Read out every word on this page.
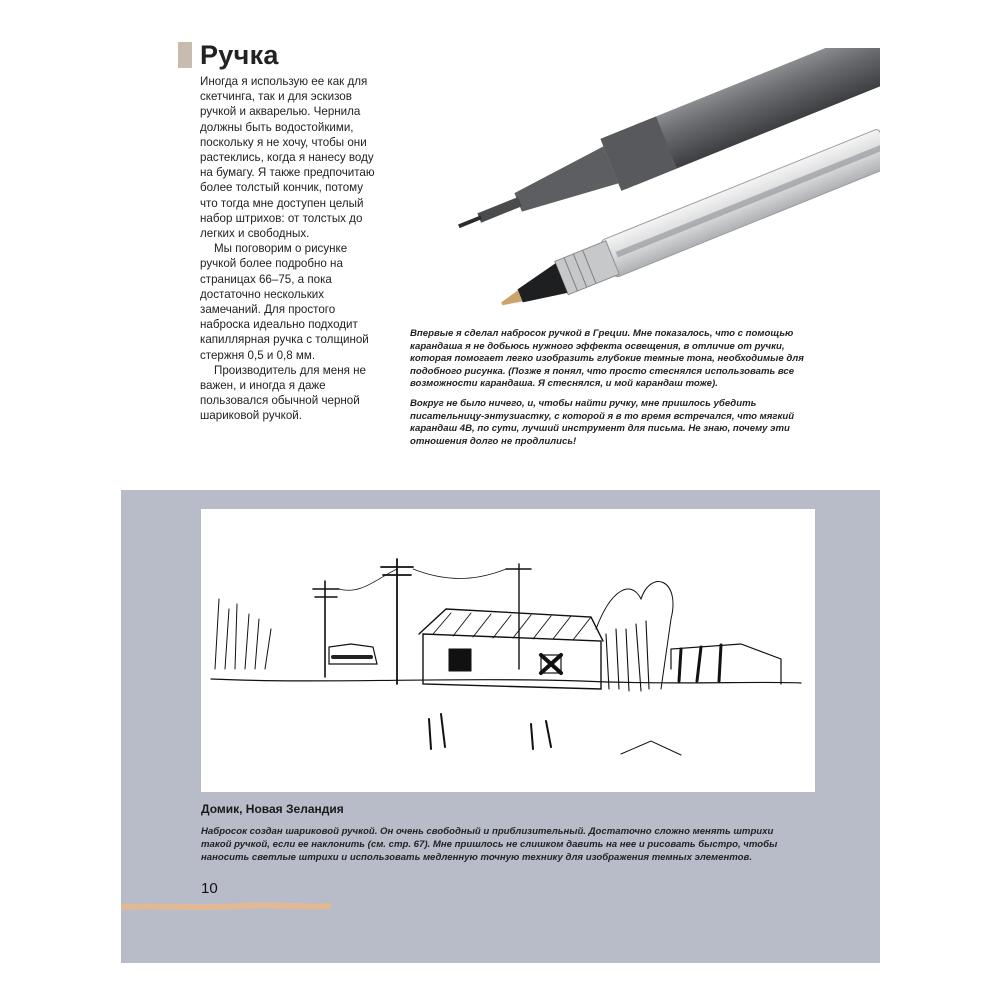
Ручка

Иногда я использую ее как для скетчинга, так и для эскизов ручкой и акварелью. Чернила должны быть водостойкими, поскольку я не хочу, чтобы они растеклись, когда я нанесу воду на бумагу. Я также предпочитаю более толстый кончик, потому что тогда мне доступен целый набор штрихов: от толстых до легких и свободных.

Мы поговорим о рисунке ручкой более подробно на страницах 66–75, а пока достаточно нескольких замечаний. Для простого наброска идеально подходит капиллярная ручка с толщиной стержня 0,5 и 0,8 мм.

Производитель для меня не важен, и иногда я даже пользовался обычной черной шариковой ручкой.

Впервые я сделал набросок ручкой в Греции. Мне показалось, что с помощью карандаша я не добьюсь нужного эффекта освещения, в отличие от ручки, которая помогает легко изобразить глубокие темные тона, необходимые для подобного рисунка. (Позже я понял, что просто стеснялся использовать все возможности карандаша. Я стеснялся, и мой карандаш тоже).

Вокруг не было ничего, и, чтобы найти ручку, мне пришлось убедить писательницу-энтузиастку, с которой я в то время встречался, что мягкий карандаш 4B, по сути, лучший инструмент для письма. Не знаю, почему эти отношения долго не продлились!

Домик, Новая Зеландия
Набросок создан шариковой ручкой. Он очень свободный и приблизительный. Достаточно сложно менять штрихи такой ручкой, если ее наклонить (см. стр. 67). Мне пришлось не слишком давить на нее и рисовать быстро, чтобы наносить светлые штрихи и использовать медленную точную технику для изображения темных элементов.
10
